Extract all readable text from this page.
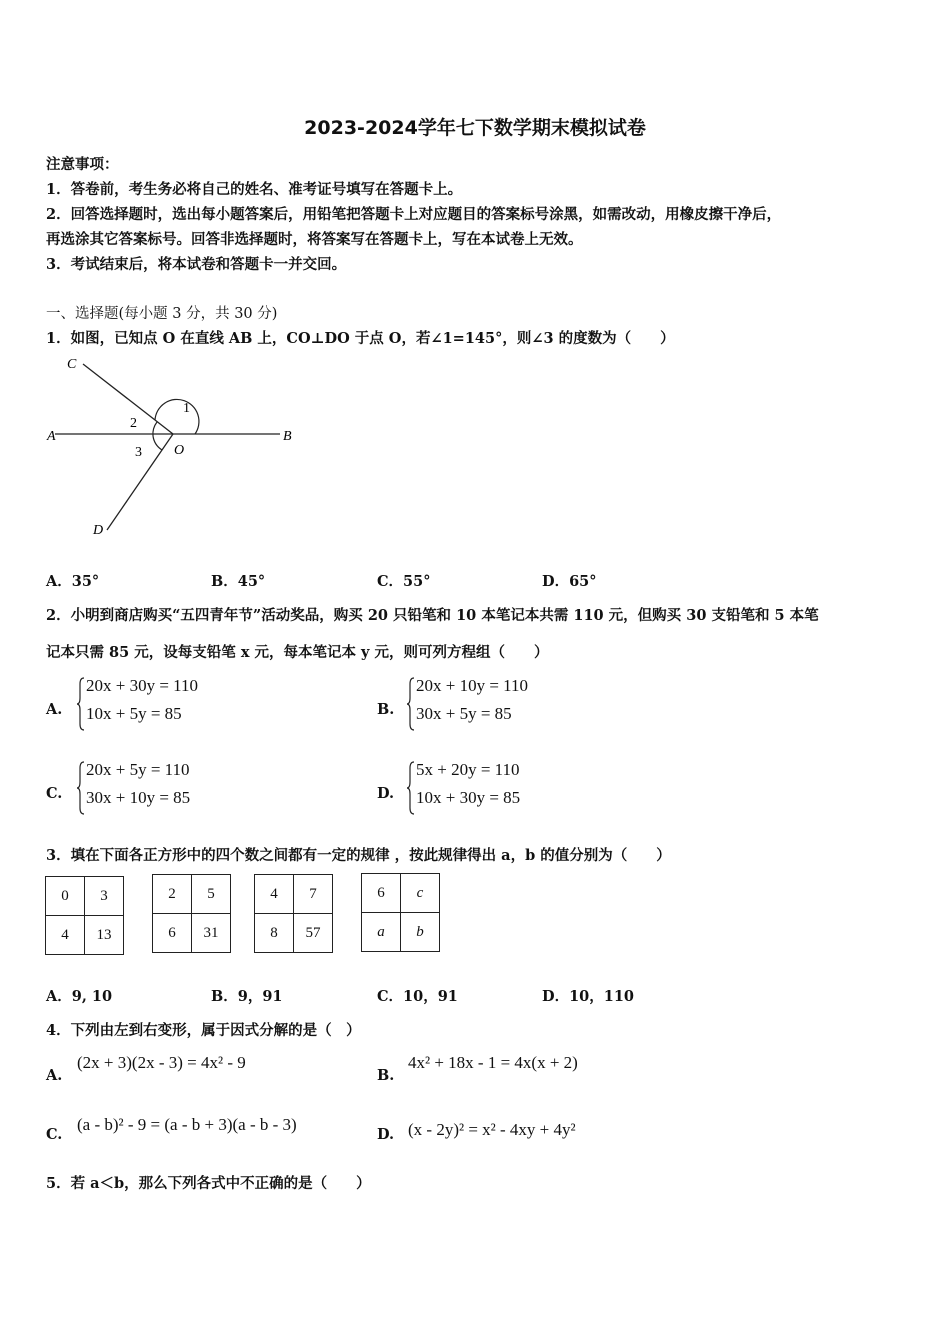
2023-2024学年七下数学期末模拟试卷
注意事项：
1．答卷前，考生务必将自己的姓名、准考证号填写在答题卡上。
2．回答选择题时，选出每小题答案后，用铅笔把答题卡上对应题目的答案标号涂黑，如需改动，用橡皮擦干净后，
再选涂其它答案标号。回答非选择题时，将答案写在答题卡上，写在本试卷上无效。
3．考试结束后，将本试卷和答题卡一并交回。
一、选择题(每小题 3 分，共 30 分)
1．如图，已知点 O 在直线 AB 上，CO⊥DO 于点 O，若∠1=145°，则∠3 的度数为（　　）
A	B
C
D
O
1
2
3
A．35°	B．45°	C．55°	D．65°
2．小明到商店购买“五四青年节”活动奖品，购买 20 只铅笔和 10 本笔记本共需 110 元，但购买 30 支铅笔和 5 本笔
记本只需 85 元，设每支铅笔 x 元，每本笔记本 y 元，则可列方程组（　　）
A.
20x + 30y = 110
10x + 5y = 85	B.
20x + 10y = 110
30x + 5y = 85
C.
20x + 5y = 110
30x + 10y = 85	D.
5x + 20y = 110
10x + 30y = 85
3．填在下面各正方形中的四个数之间都有一定的规律 ，按此规律得出 a，b 的值分别为（　　）
0	3
4	13
2	5
6	31
4	7
8	57
6	c
a	b
A．9, 10	B．9，91	C．10，91	D．10，110
4．下列由左到右变形，属于因式分解的是（　）
A.
(2x + 3)(2x - 3) = 4x² - 9
B.
4x² + 18x - 1 = 4x(x + 2)
C.
(a - b)² - 9 = (a - b + 3)(a - b - 3)
D. (x - 2y)² = x² - 4xy + 4y²
5．若 a＜b，那么下列各式中不正确的是（　　）
